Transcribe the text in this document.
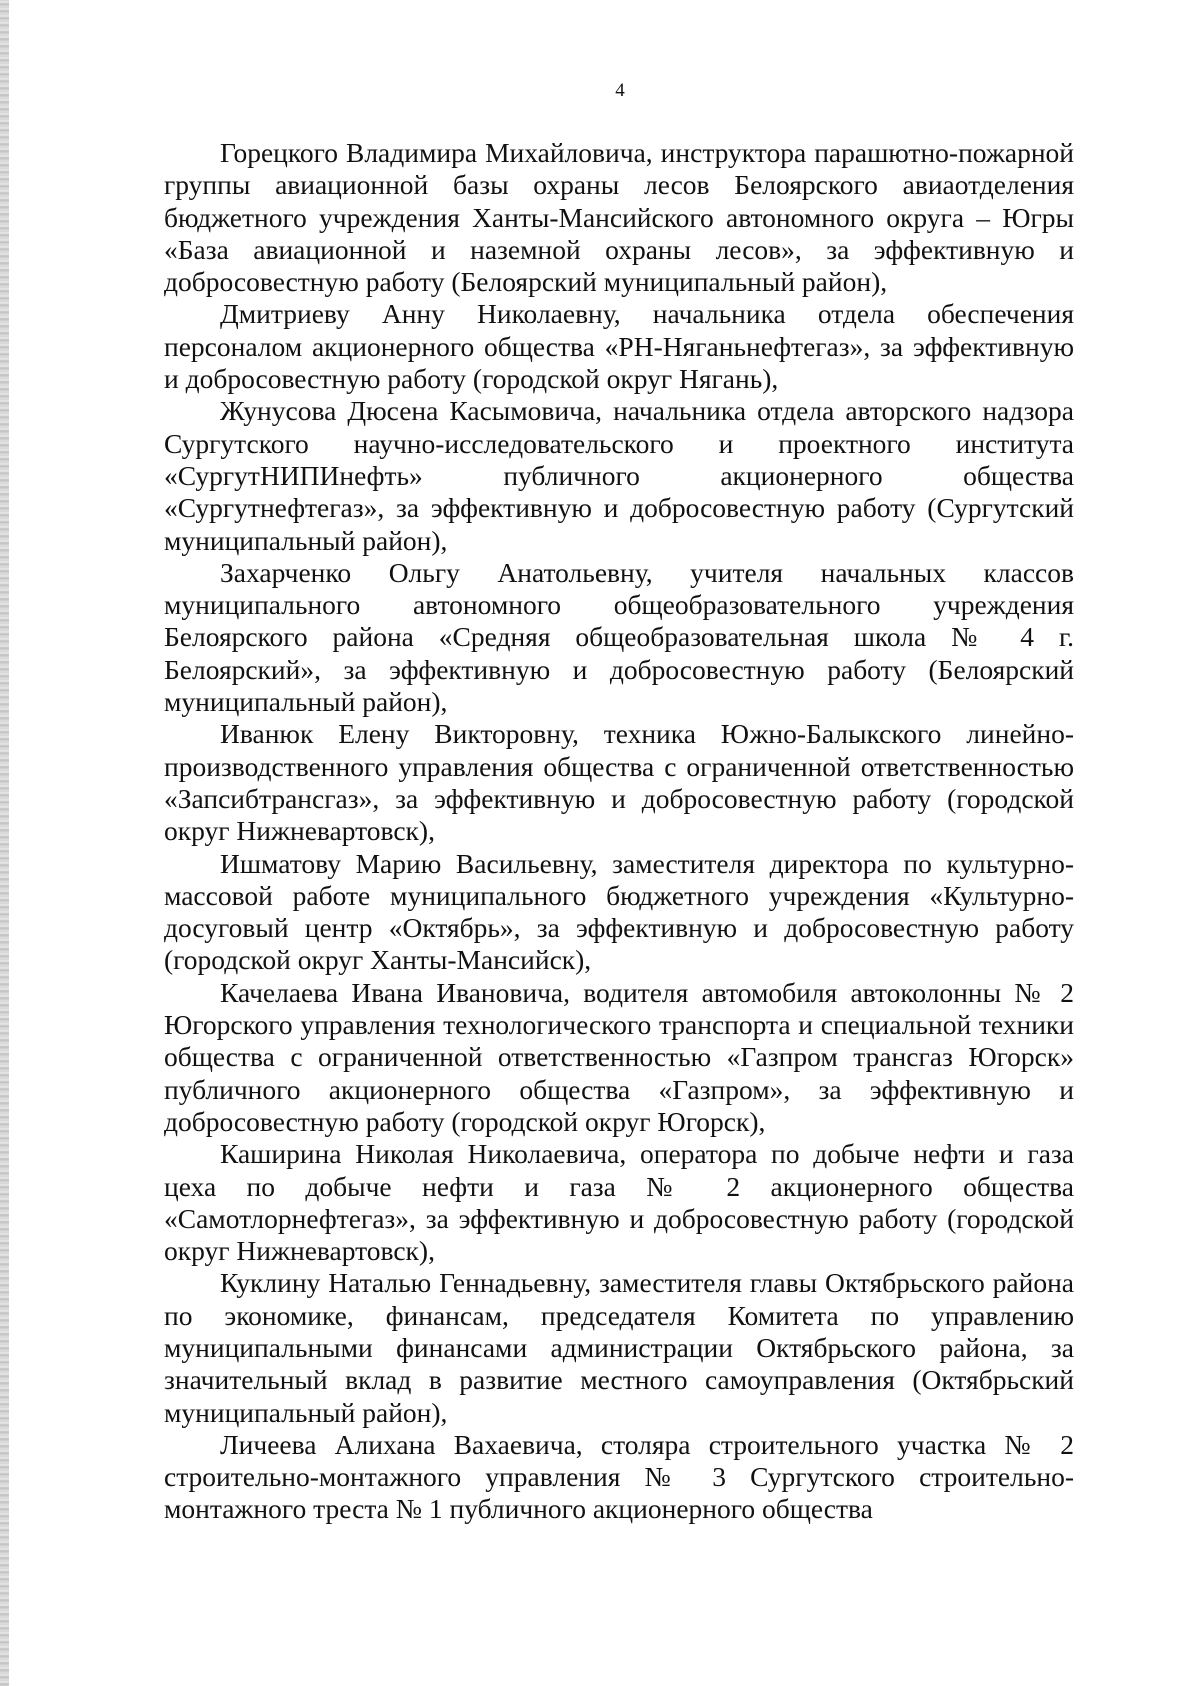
4

Горецкого Владимира Михайловича, инструктора парашютно-пожарной группы авиационной базы охраны лесов Белоярского авиаотделения бюджетного учреждения Ханты-Мансийского автономного округа – Югры «База авиационной и наземной охраны лесов», за эффективную и добросовестную работу (Белоярский муниципальный район),

Дмитриеву Анну Николаевну, начальника отдела обеспечения персоналом акционерного общества «РН-Няганьнефтегаз», за эффективную и добросовестную работу (городской округ Нягань),

Жунусова Дюсена Касымовича, начальника отдела авторского надзора Сургутского научно-исследовательского и проектного института «СургутНИПИнефть» публичного акционерного общества «Сургутнефтегаз», за эффективную и добросовестную работу (Сургутский муниципальный район),

Захарченко Ольгу Анатольевну, учителя начальных классов муниципального автономного общеобразовательного учреждения Белоярского района «Средняя общеобразовательная школа № 4 г. Белоярский», за эффективную и добросовестную работу (Белоярский муниципальный район),

Иванюк Елену Викторовну, техника Южно-Балыкского линейно-производственного управления общества с ограниченной ответственностью «Запсибтрансгаз», за эффективную и добросовестную работу (городской округ Нижневартовск),

Ишматову Марию Васильевну, заместителя директора по культурно-массовой работе муниципального бюджетного учреждения «Культурно-досуговый центр «Октябрь», за эффективную и добросовестную работу (городской округ Ханты-Мансийск),

Качелаева Ивана Ивановича, водителя автомобиля автоколонны № 2 Югорского управления технологического транспорта и специальной техники общества с ограниченной ответственностью «Газпром трансгаз Югорск» публичного акционерного общества «Газпром», за эффективную и добросовестную работу (городской округ Югорск),

Каширина Николая Николаевича, оператора по добыче нефти и газа цеха по добыче нефти и газа № 2 акционерного общества «Самотлорнефтегаз», за эффективную и добросовестную работу (городской округ Нижневартовск),

Куклину Наталью Геннадьевну, заместителя главы Октябрьского района по экономике, финансам, председателя Комитета по управлению муниципальными финансами администрации Октябрьского района, за значительный вклад в развитие местного самоуправления (Октябрьский муниципальный район),

Личеева Алихана Вахаевича, столяра строительного участка № 2 строительно-монтажного управления № 3 Сургутского строительно-монтажного треста № 1 публичного акционерного общества
